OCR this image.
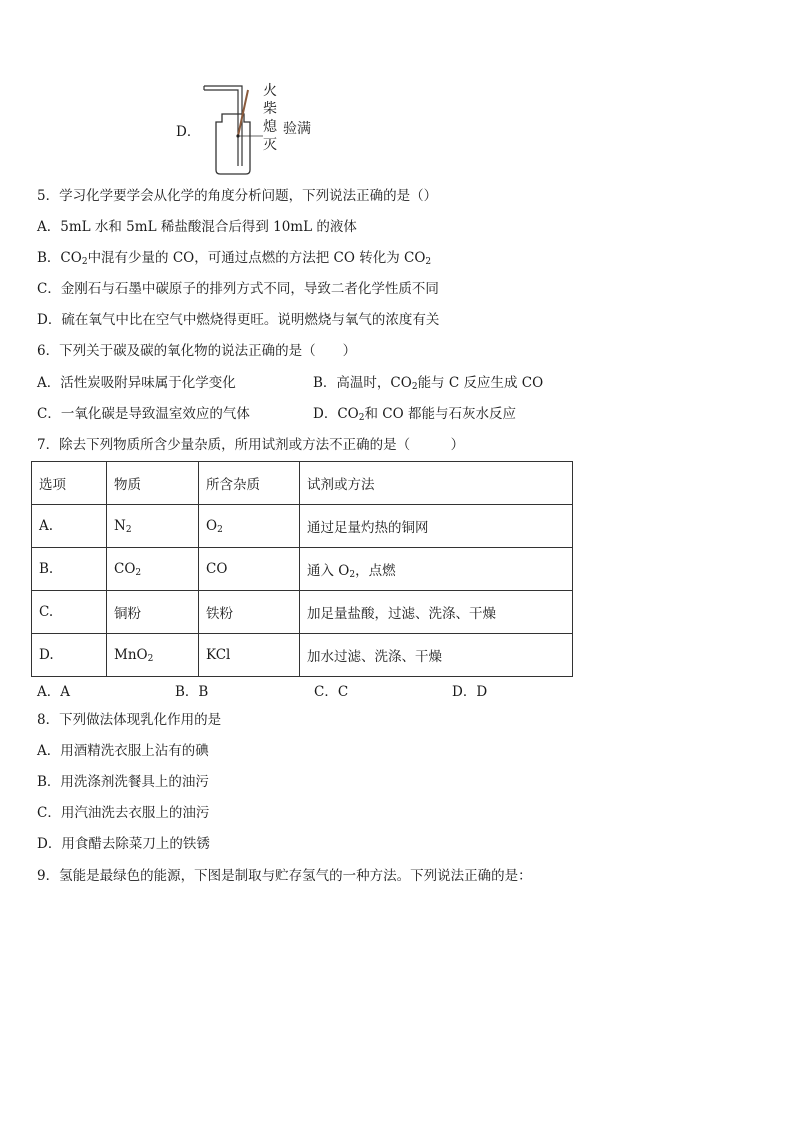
D．
火
柴
熄
灭
验满
5．学习化学要学会从化学的角度分析问题，下列说法正确的是（）
A．5mL 水和 5mL 稀盐酸混合后得到 10mL 的液体
B．$CO_2$中混有少量的 CO，可通过点燃的方法把 CO 转化为 $CO_2$
C．金刚石与石墨中碳原子的排列方式不同，导致二者化学性质不同
D．硫在氧气中比在空气中燃烧得更旺。说明燃烧与氧气的浓度有关
6．下列关于碳及碳的氧化物的说法正确的是（　　）
A．活性炭吸附异味属于化学变化	B．高温时，$CO_2$能与 C 反应生成 CO
C．一氧化碳是导致温室效应的气体	D．$CO_2$和 CO 都能与石灰水反应
7．除去下列物质所含少量杂质，所用试剂或方法不正确的是（　　　）
选项	物质	所含杂质	试剂或方法
A.	$N_2$	$O_2$	通过足量灼热的铜网
B.	$CO_2$	CO	通入 $O_2$，点燃
C.	铜粉	铁粉	加足量盐酸，过滤、洗涤、干燥
D.	MnO$_2$	KCl	加水过滤、洗涤、干燥
A．A	B．B	C．C	D．D
8．下列做法体现乳化作用的是
A．用酒精洗衣服上沾有的碘
B．用洗涤剂洗餐具上的油污
C．用汽油洗去衣服上的油污
D．用食醋去除菜刀上的铁锈
9．氢能是最绿色的能源，下图是制取与贮存氢气的一种方法。下列说法正确的是：
